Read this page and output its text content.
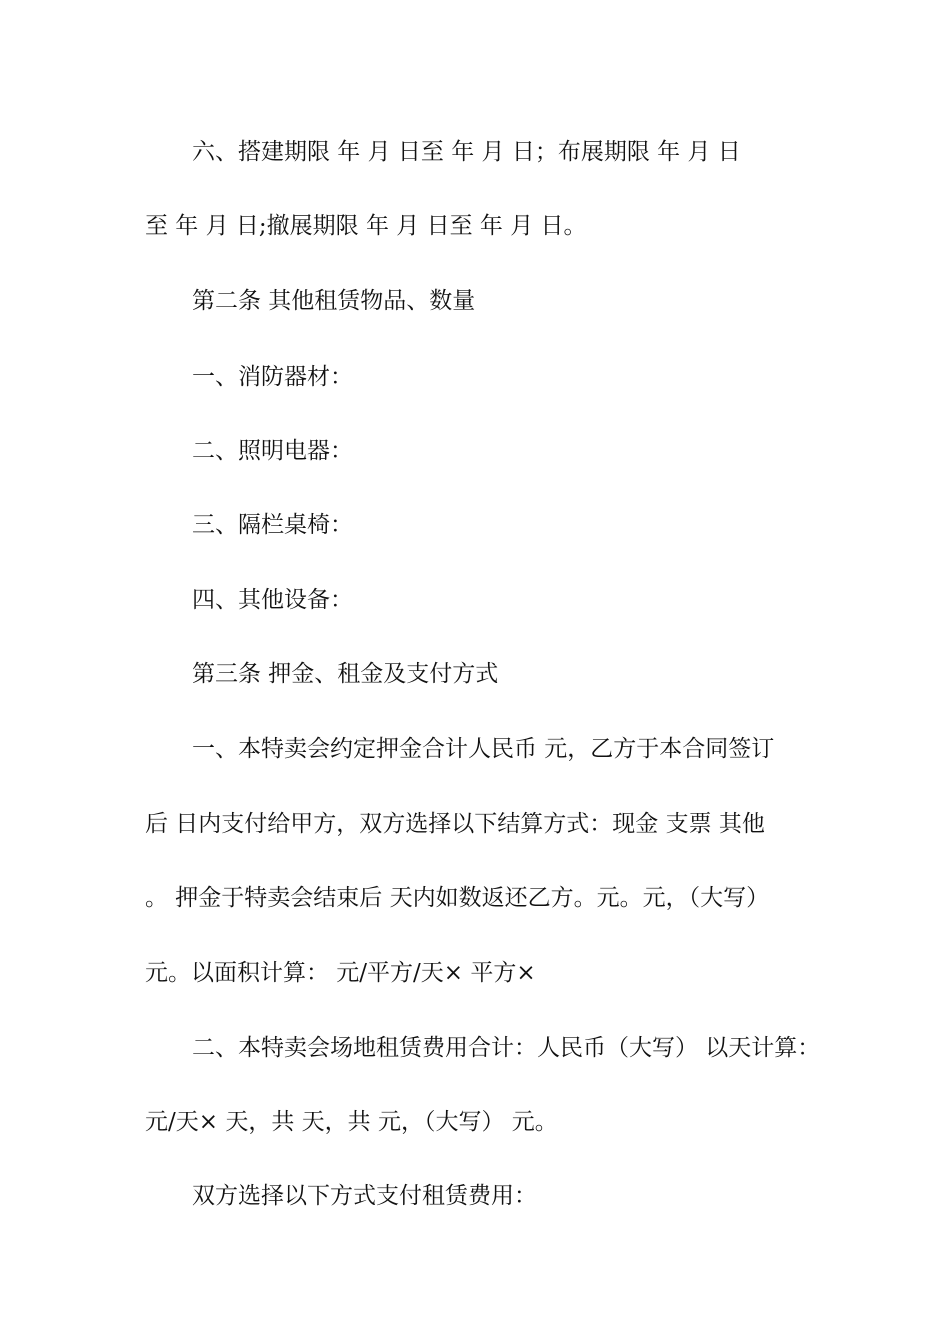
六、搭建期限 年 月 日至 年 月 日；布展期限 年 月 日
至 年 月 日;撤展期限 年 月 日至 年 月 日。
第二条 其他租赁物品、数量
一、消防器材：
二、照明电器：
三、隔栏桌椅：
四、其他设备：
第三条 押金、租金及支付方式
一、本特卖会约定押金合计人民币 元，乙方于本合同签订
后 日内支付给甲方，双方选择以下结算方式：现金 支票 其他
。 押金于特卖会结束后 天内如数返还乙方。元。元，（大写）
元。以面积计算： 元/平方/天× 平方×
二、本特卖会场地租赁费用合计：人民币（大写） 以天计算：
元/天× 天，共 天，共 元，（大写） 元。
双方选择以下方式支付租赁费用：
